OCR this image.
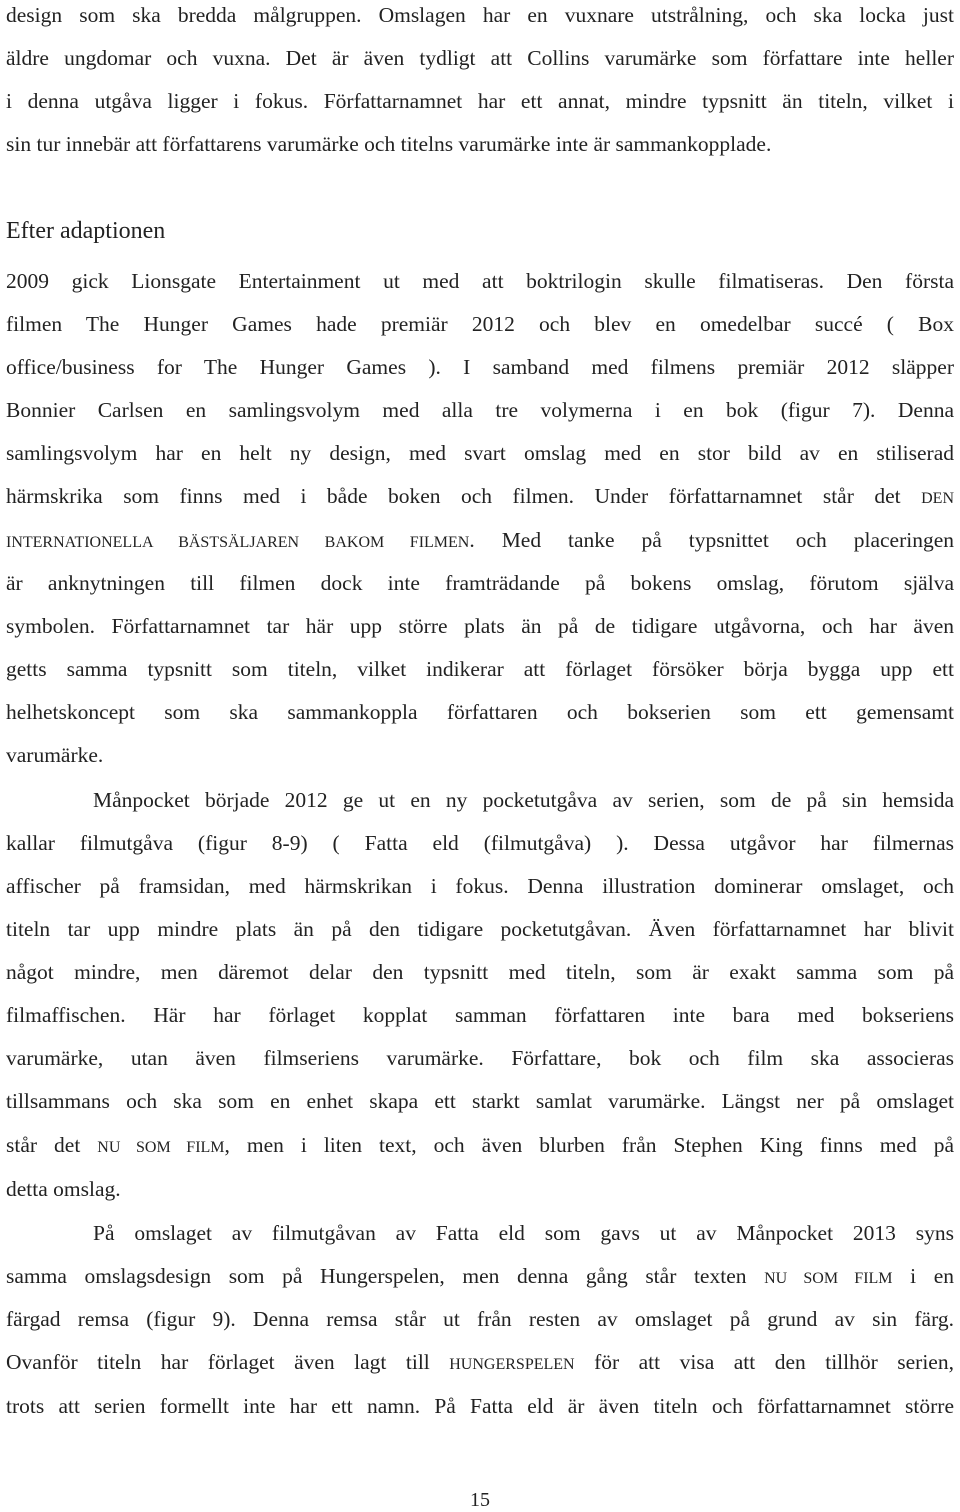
design som ska bredda målgruppen. Omslagen har en vuxnare utstrålning, och ska locka just
äldre ungdomar och vuxna. Det är även tydligt att Collins varumärke som författare inte heller
i denna utgåva ligger i fokus. Författarnamnet har ett annat, mindre typsnitt än titeln, vilket i
sin tur innebär att författarens varumärke och titelns varumärke inte är sammankopplade.
Efter adaptionen
2009 gick Lionsgate Entertainment ut med att boktrilogin skulle filmatiseras. Den första
filmen The Hunger Games hade premiär 2012 och blev en omedelbar succé ( Box
office/business for The Hunger Games ). I samband med filmens premiär 2012 släpper
Bonnier Carlsen en samlingsvolym med alla tre volymerna i en bok (figur 7). Denna
samlingsvolym har en helt ny design, med svart omslag med en stor bild av en stiliserad
härmskrika som finns med i både boken och filmen. Under författarnamnet står det DEN
INTERNATIONELLA BÄSTSÄLJAREN BAKOM FILMEN. Med tanke på typsnittet och placeringen
är anknytningen till filmen dock inte framträdande på bokens omslag, förutom själva
symbolen. Författarnamnet tar här upp större plats än på de tidigare utgåvorna, och har även
getts samma typsnitt som titeln, vilket indikerar att förlaget försöker börja bygga upp ett
helhetskoncept som ska sammankoppla författaren och bokserien som ett gemensamt
varumärke.
Månpocket började 2012 ge ut en ny pocketutgåva av serien, som de på sin hemsida
kallar filmutgåva (figur 8-9) ( Fatta eld (filmutgåva) ). Dessa utgåvor har filmernas
affischer på framsidan, med härmskrikan i fokus. Denna illustration dominerar omslaget, och
titeln tar upp mindre plats än på den tidigare pocketutgåvan. Även författarnamnet har blivit
något mindre, men däremot delar den typsnitt med titeln, som är exakt samma som på
filmaffischen. Här har förlaget kopplat samman författaren inte bara med bokseriens
varumärke, utan även filmseriens varumärke. Författare, bok och film ska associeras
tillsammans och ska som en enhet skapa ett starkt samlat varumärke. Längst ner på omslaget
står det NU SOM FILM, men i liten text, och även blurben från Stephen King finns med på
detta omslag.
På omslaget av filmutgåvan av Fatta eld som gavs ut av Månpocket 2013 syns
samma omslagsdesign som på Hungerspelen, men denna gång står texten NU SOM FILM i en
färgad remsa (figur 9). Denna remsa står ut från resten av omslaget på grund av sin färg.
Ovanför titeln har förlaget även lagt till HUNGERSPELEN för att visa att den tillhör serien,
trots att serien formellt inte har ett namn. På Fatta eld är även titeln och författarnamnet större
15
